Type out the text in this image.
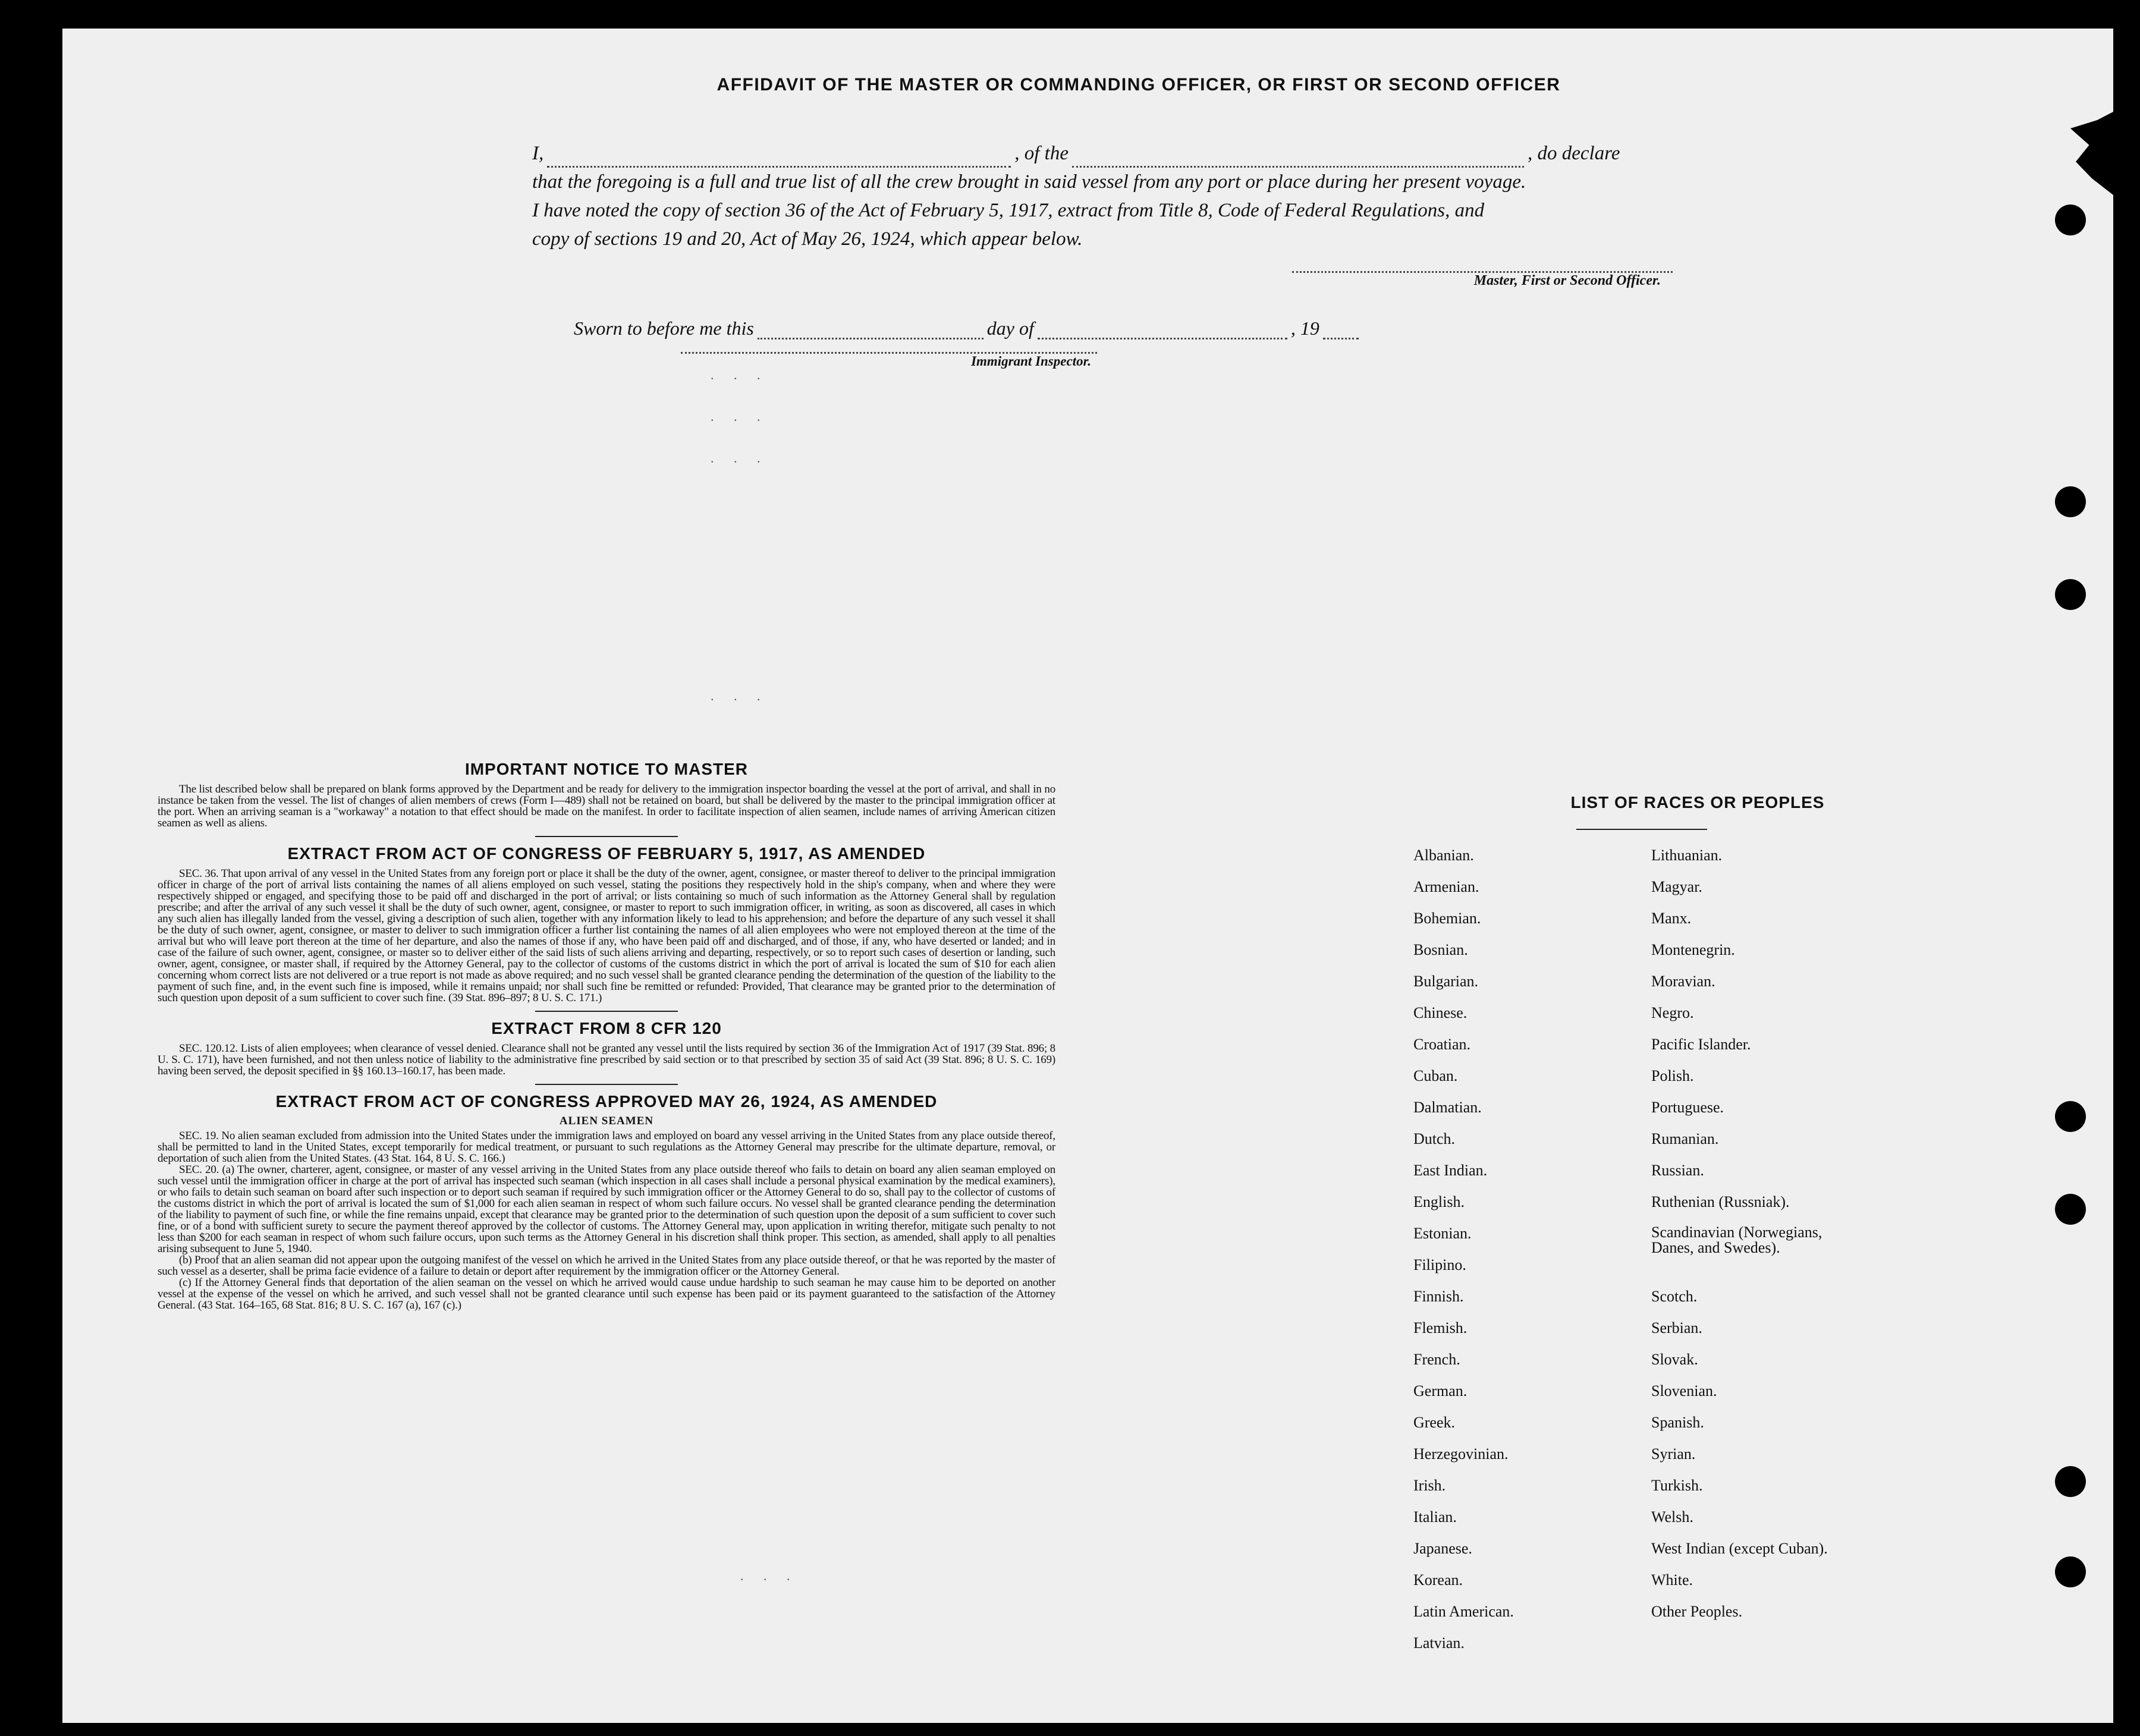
AFFIDAVIT OF THE MASTER OR COMMANDING OFFICER, OR FIRST OR SECOND OFFICER
I,	, of the	, do declare
that the foregoing is a full and true list of all the crew brought in said vessel from any port or place during her present voyage.
I have noted the copy of section 36 of the Act of February 5, 1917, extract from Title 8, Code of Federal Regulations, and
copy of sections 19 and 20, Act of May 26, 1924, which appear below.
Master, First or Second Officer.
Sworn to before me this	day of	, 19
Immigrant Inspector.
. . .
. . .
. . .
. . .
. . .
IMPORTANT NOTICE TO MASTER

The list described below shall be prepared on blank forms approved by the Department and be ready for delivery to the immigration inspector boarding the vessel at the port of arrival, and shall in no instance be taken from the vessel. The list of changes of alien members of crews (Form I—489) shall not be retained on board, but shall be delivered by the master to the principal immigration officer at the port. When an arriving seaman is a "workaway" a notation to that effect should be made on the manifest. In order to facilitate inspection of alien seamen, include names of arriving American citizen seamen as well as aliens.

EXTRACT FROM ACT OF CONGRESS OF FEBRUARY 5, 1917, AS AMENDED

SEC. 36. That upon arrival of any vessel in the United States from any foreign port or place it shall be the duty of the owner, agent, consignee, or master thereof to deliver to the principal immigration officer in charge of the port of arrival lists containing the names of all aliens employed on such vessel, stating the positions they respectively hold in the ship's company, when and where they were respectively shipped or engaged, and specifying those to be paid off and discharged in the port of arrival; or lists containing so much of such information as the Attorney General shall by regulation prescribe; and after the arrival of any such vessel it shall be the duty of such owner, agent, consignee, or master to report to such immigration officer, in writing, as soon as discovered, all cases in which any such alien has illegally landed from the vessel, giving a description of such alien, together with any information likely to lead to his apprehension; and before the departure of any such vessel it shall be the duty of such owner, agent, consignee, or master to deliver to such immigration officer a further list containing the names of all alien employees who were not employed thereon at the time of the arrival but who will leave port thereon at the time of her departure, and also the names of those if any, who have been paid off and discharged, and of those, if any, who have deserted or landed; and in case of the failure of such owner, agent, consignee, or master so to deliver either of the said lists of such aliens arriving and departing, respectively, or so to report such cases of desertion or landing, such owner, agent, consignee, or master shall, if required by the Attorney General, pay to the collector of customs of the customs district in which the port of arrival is located the sum of $10 for each alien concerning whom correct lists are not delivered or a true report is not made as above required; and no such vessel shall be granted clearance pending the determination of the question of the liability to the payment of such fine, and, in the event such fine is imposed, while it remains unpaid; nor shall such fine be remitted or refunded: Provided, That clearance may be granted prior to the determination of such question upon deposit of a sum sufficient to cover such fine. (39 Stat. 896–897; 8 U. S. C. 171.)

EXTRACT FROM 8 CFR 120

SEC. 120.12. Lists of alien employees; when clearance of vessel denied. Clearance shall not be granted any vessel until the lists required by section 36 of the Immigration Act of 1917 (39 Stat. 896; 8 U. S. C. 171), have been furnished, and not then unless notice of liability to the administrative fine prescribed by said section or to that prescribed by section 35 of said Act (39 Stat. 896; 8 U. S. C. 169) having been served, the deposit specified in §§ 160.13–160.17, has been made.

EXTRACT FROM ACT OF CONGRESS APPROVED MAY 26, 1924, AS AMENDED
ALIEN SEAMEN

SEC. 19. No alien seaman excluded from admission into the United States under the immigration laws and employed on board any vessel arriving in the United States from any place outside thereof, shall be permitted to land in the United States, except temporarily for medical treatment, or pursuant to such regulations as the Attorney General may prescribe for the ultimate departure, removal, or deportation of such alien from the United States. (43 Stat. 164, 8 U. S. C. 166.)

SEC. 20. (a) The owner, charterer, agent, consignee, or master of any vessel arriving in the United States from any place outside thereof who fails to detain on board any alien seaman employed on such vessel until the immigration officer in charge at the port of arrival has inspected such seaman (which inspection in all cases shall include a personal physical examination by the medical examiners), or who fails to detain such seaman on board after such inspection or to deport such seaman if required by such immigration officer or the Attorney General to do so, shall pay to the collector of customs of the customs district in which the port of arrival is located the sum of $1,000 for each alien seaman in respect of whom such failure occurs. No vessel shall be granted clearance pending the determination of the liability to payment of such fine, or while the fine remains unpaid, except that clearance may be granted prior to the determination of such question upon the deposit of a sum sufficient to cover such fine, or of a bond with sufficient surety to secure the payment thereof approved by the collector of customs. The Attorney General may, upon application in writing therefor, mitigate such penalty to not less than $200 for each seaman in respect of whom such failure occurs, upon such terms as the Attorney General in his discretion shall think proper. This section, as amended, shall apply to all penalties arising subsequent to June 5, 1940.

(b) Proof that an alien seaman did not appear upon the outgoing manifest of the vessel on which he arrived in the United States from any place outside thereof, or that he was reported by the master of such vessel as a deserter, shall be prima facie evidence of a failure to detain or deport after requirement by the immigration officer or the Attorney General.

(c) If the Attorney General finds that deportation of the alien seaman on the vessel on which he arrived would cause undue hardship to such seaman he may cause him to be deported on another vessel at the expense of the vessel on which he arrived, and such vessel shall not be granted clearance until such expense has been paid or its payment guaranteed to the satisfaction of the Attorney General. (43 Stat. 164–165, 68 Stat. 816; 8 U. S. C. 167 (a), 167 (c).)

LIST OF RACES OR PEOPLES
Albanian.
Armenian.
Bohemian.
Bosnian.
Bulgarian.
Chinese.
Croatian.
Cuban.
Dalmatian.
Dutch.
East Indian.
English.
Estonian.
Filipino.
Finnish.
Flemish.
French.
German.
Greek.
Herzegovinian.
Irish.
Italian.
Japanese.
Korean.
Latin American.
Latvian.
Lithuanian.
Magyar.
Manx.
Montenegrin.
Moravian.
Negro.
Pacific Islander.
Polish.
Portuguese.
Rumanian.
Russian.
Ruthenian (Russniak).
Scandinavian (Norwegians, Danes, and Swedes).
Scotch.
Serbian.
Slovak.
Slovenian.
Spanish.
Syrian.
Turkish.
Welsh.
West Indian (except Cuban).
White.
Other Peoples.
